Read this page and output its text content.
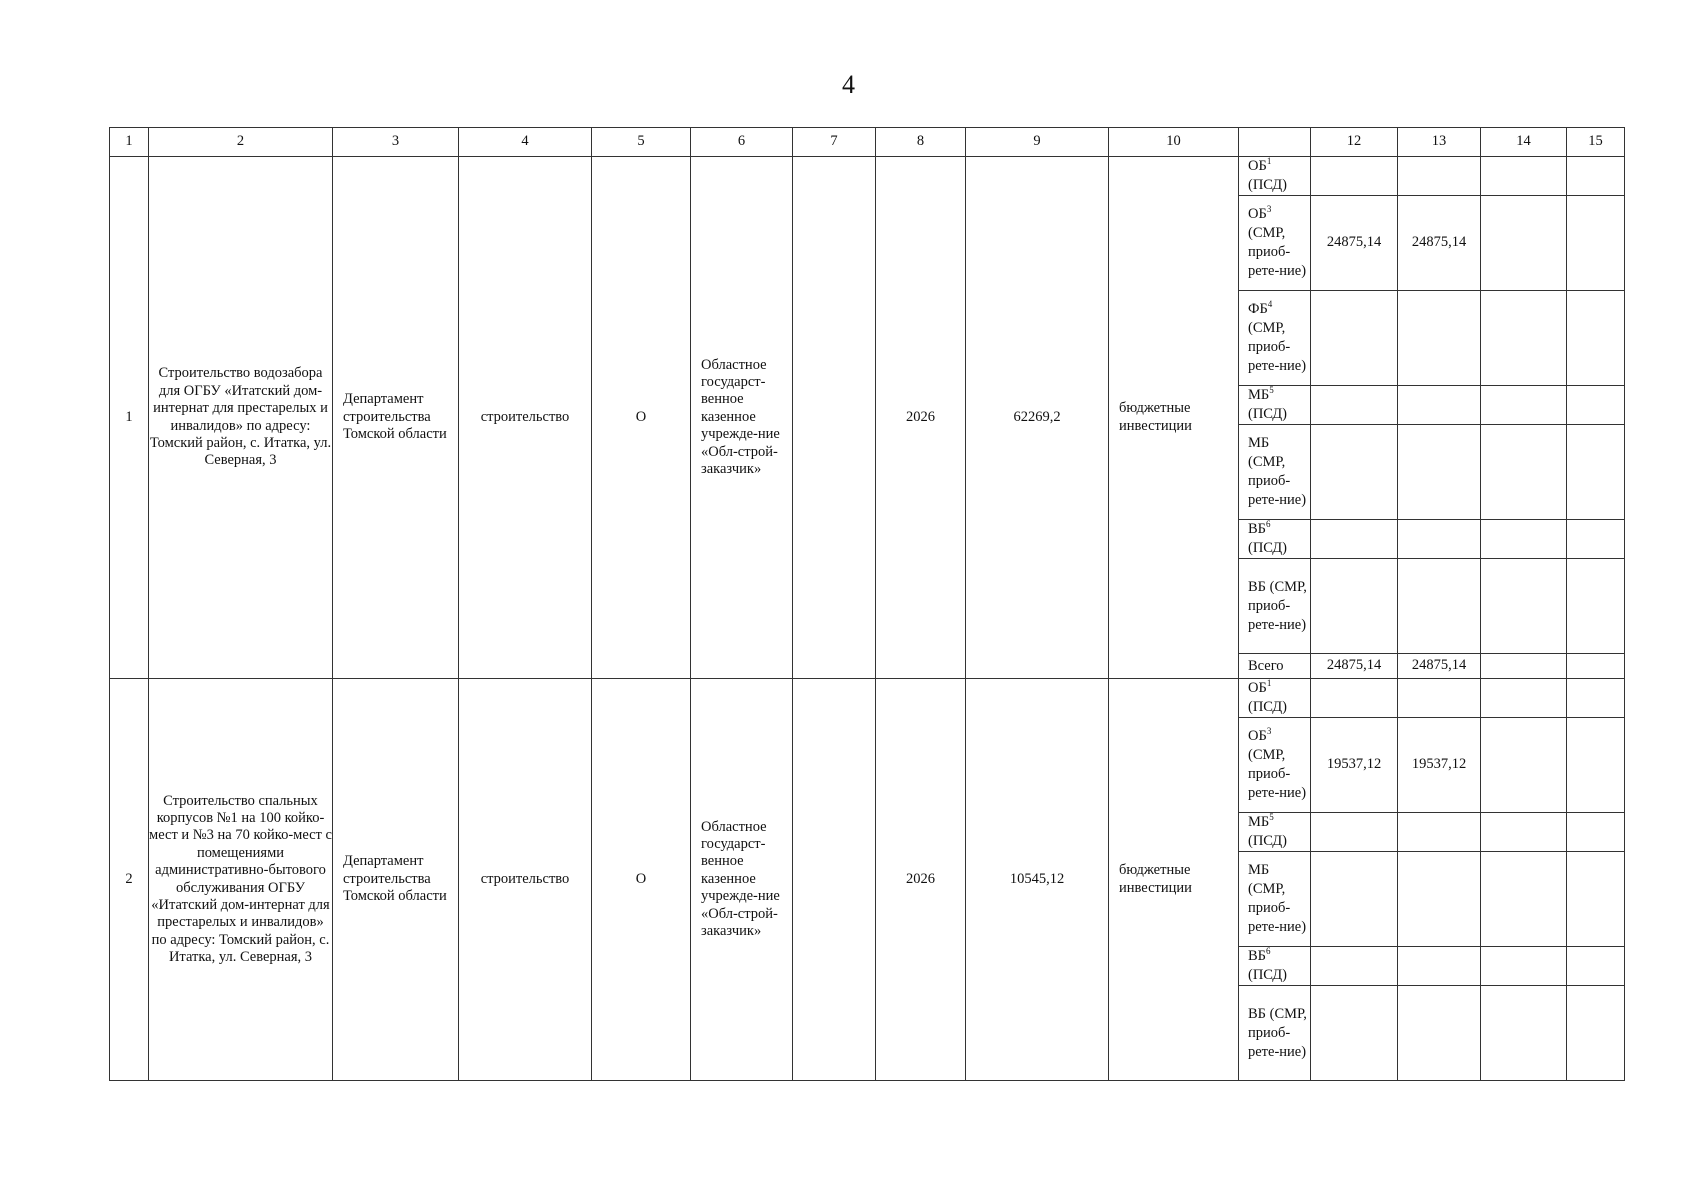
4
1	2	3	4	5	6	7	8	9	10		12	13	14	15
1	Строительство водозабора для ОГБУ «Итатский дом-интернат для престарелых и инвалидов» по адресу: Томский район, с. Итатка, ул. Северная, 3	Департамент строительства Томской области	строительство	О	Областное государст-венное казенное учрежде-ние «Обл-строй-заказчик»		2026	62269,2	бюджетные инвестиции	$ОБ^1$ (ПСД)				
										$ОБ^3$ (СМР, приоб-рете-ние)	24875,14	24875,14		
										$ФБ^4$ (СМР, приоб-рете-ние)				
										$МБ^5$ (ПСД)				
										МБ (СМР, приоб-рете-ние)				
										$ВБ^6$ (ПСД)				
										ВБ (СМР, приоб-рете-ние)				
										Всего	24875,14	24875,14		
2	Строительство спальных корпусов №1 на 100 койко-мест и №3 на 70 койко-мест с помещениями административно-бытового обслуживания ОГБУ «Итатский дом-интернат для престарелых и инвалидов» по адресу: Томский район, с. Итатка, ул. Северная, 3	Департамент строительства Томской области	строительство	О	Областное государст-венное казенное учрежде-ние «Обл-строй-заказчик»		2026	10545,12	бюджетные инвестиции	$ОБ^1$ (ПСД)				
										$ОБ^3$ (СМР, приоб-рете-ние)	19537,12	19537,12		
										$МБ^5$ (ПСД)				
										МБ (СМР, приоб-рете-ние)				
										$ВБ^6$ (ПСД)				
										ВБ (СМР, приоб-рете-ние)				
